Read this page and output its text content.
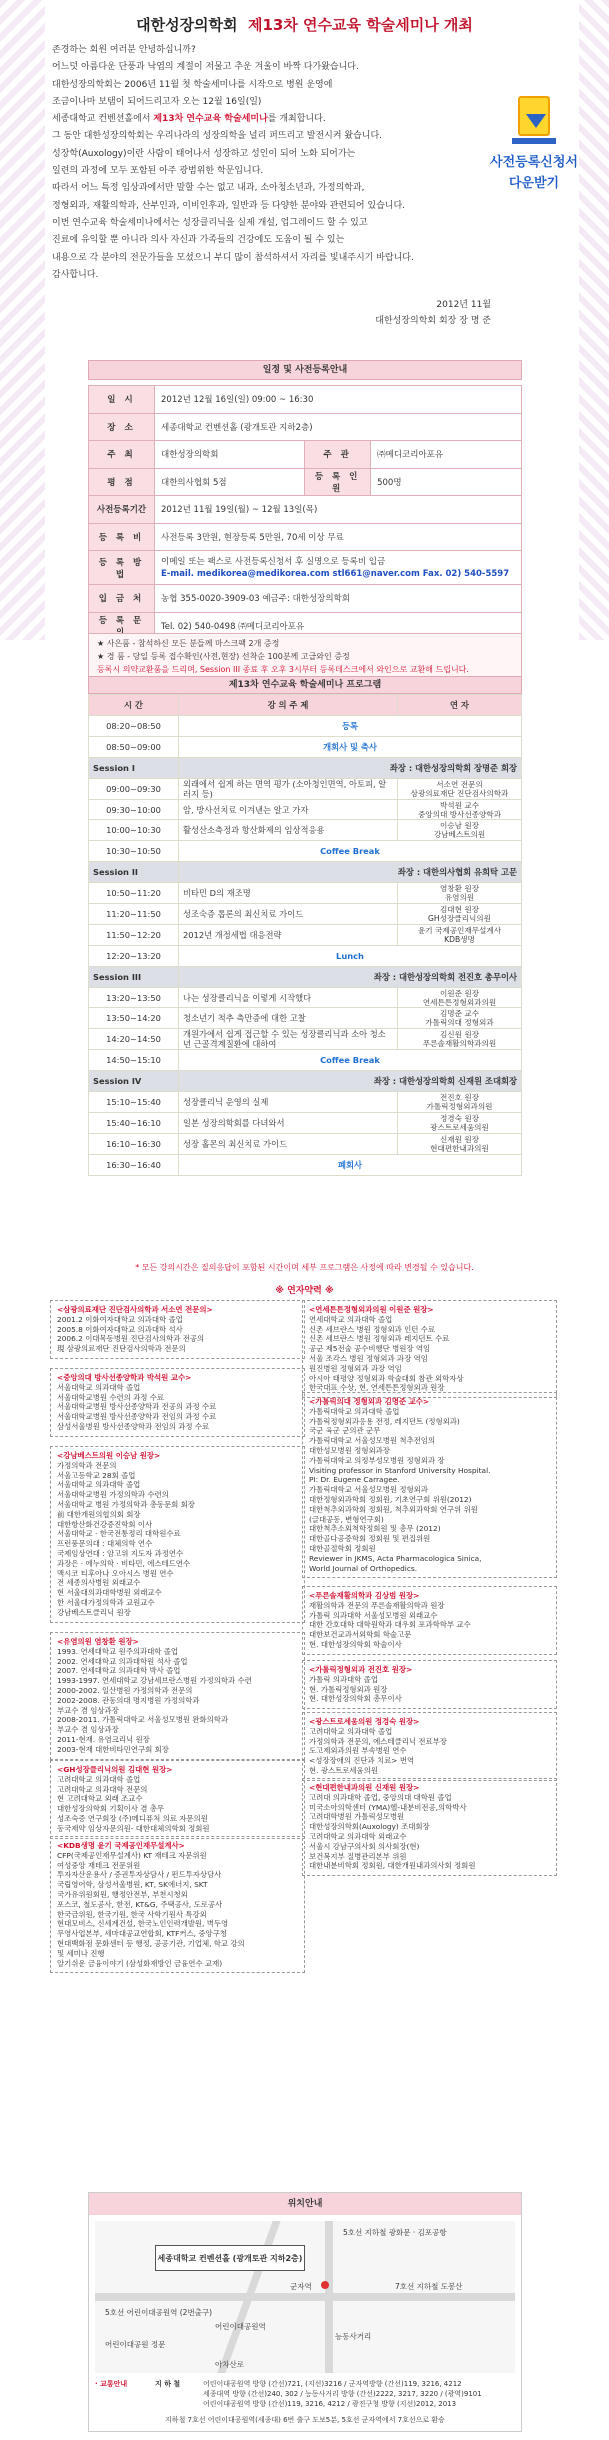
대한성장의학회 제13차 연수교육 학술세미나 개최

존경하는 회원 여러분 안녕하십니까?

어느덧 아름다운 단풍과 낙엽의 계절이 저물고 추운 겨울이 바짝 다가왔습니다.

대한성장의학회는 2006년 11월 첫 학술세미나를 시작으로 병원 운영에

조금이나마 보탬이 되어드리고자 오는 12월 16일(일)

세종대학교 컨벤션홀에서 제13차 연수교육 학술세미나를 개최합니다.

그 동안 대한성장의학회는 우리나라의 성장의학을 널리 퍼뜨리고 발전시켜 왔습니다.

성장학(Auxology)이란 사람이 태어나서 성장하고 성인이 되어 노화 되어가는

일련의 과정에 모두 포함된 아주 광범위한 학문입니다.

따라서 어느 특정 임상과에서만 말할 수는 없고 내과, 소아청소년과, 가정의학과,

정형외과, 재활의학과, 산부인과, 이비인후과, 일반과 등 다양한 분야와 관련되어 있습니다.

이번 연수교육 학술세미나에서는 성장클리닉을 실제 개설, 업그레이드 할 수 있고

진료에 유익할 뿐 아니라 의사 자신과 가족들의 건강에도 도움이 될 수 있는

내용으로 각 분야의 전문가들을 모셨으니 부디 많이 참석하셔서 자리를 빛내주시기 바랍니다.

감사합니다.

2012년 11월
대한성장의학회 회장 장 명 준
사전등록신청서
다운받기
일정 및 사전등록안내
일 시	2012년 12월 16일(일) 09:00 ~ 16:30		
장 소	세종대학교 컨벤션홀 (광개토관 지하2층)		
주 최	대한성장의학회	주 관	㈜메디코리아포유
평 점	대한의사협회 5점	등 록 인 원	500명
사전등록기간	2012년 11월 19일(월) ~ 12월 13일(목)		
등 록 비	사전등록 3만원, 현장등록 5만원, 70세 이상 무료		
등 록 방 법	이메일 또는 팩스로 사전등록신청서 후 실명으로 등록비 입금
E-mail. medikorea@medikorea.com stl661@naver.com Fax. 02) 540-5597		

입 금 처	농협 355-0020-3909-03 예금주: 대한성장의학회		
등 록 문	Tel. 02) 540-0498 ㈜메디코리아포유		
★ 사은품 - 참석하신 모든 분들께 마스크팩 2개 증정
★ 경 품 - 당일 등록 접수확인(사전,현장) 선착순 100분께 고급와인 증정
등록시 의약교환품을 드리며, Session III 종료 후 오후 3시부터 등록데스크에서 와인으로 교환해 드립니다.
제13차 연수교육 학술세미나 프로그램
시 간	강 의 주 제	연 자
08:20~08:50	등록	
08:50~09:00	개회사 및 축사	
Session I	좌장 : 대한성장의학회 장명준 회장	
09:00~09:30	외래에서 쉽게 하는 면역 평가 (소아청인면역, 아토피, 알러지 등)	서소연 전문의
삼광의료재단 진단검사의학과
09:30~10:00	암, 방사선치료 이겨낸는 알고 가자	박석원 교수
중앙의대 방사선종양학과
10:00~10:30	활성산소측정과 항산화제의 임상적응용	이승남 원장
강남베스트의원
10:30~10:50	Coffee Break	
Session II	좌장 : 대한의사협회 유희탁 고문	
10:50~11:20	비타민 D의 재조명	염창환 원장
유염의원
11:20~11:50	성조숙증 톱론의 최신치료 가이드	김대현 원장
GH성장클리닉의원
11:50~12:20	2012년 개정세법 대응전략	윤기 국제공인재무설계사
KDB생명
12:20~13:20	Lunch	
Session III	좌장 : 대한성장의학회 전진호 총무이사	
13:20~13:50	나는 성장클리닉을 이렇게 시작했다	이원준 원장
연세튼튼정형외과의원
13:50~14:20	청소년기 척추 측만증에 대한 고찰	김명준 교수
가톨릭의대 정형외과
14:20~14:50	개원가에서 쉽게 접근할 수 있는 성장클리닉과 소아 청소년 근골격계질환에 대하여	김신원 원장
푸른솔재활의학과의원
14:50~15:10	Coffee Break	
Session IV	좌장 : 대한성장의학회 신재원 조대회장	
15:10~15:40	성장클리닉 운영의 실제	전진호 원장
가톨릭정형외과의원
15:40~16:10	일본 성장의학회를 다녀와서	정경숙 원장
광스트로세움의원
16:10~16:30	성장 홀몬의 최신치료 가이드	신재원 원장
현대편한내과의원
16:30~16:40	폐회사	
* 모든 강의시간은 질의응답이 포함된 시간이며 세부 프로그램은 사정에 따라 변경될 수 있습니다.
※ 연자약력 ※
<삼광의료재단 진단검사의학과 서소연 전문의>
2001.2 이화여자대학교 의과대학 졸업
2005.8 이화여자대학교 의과대학 석사
2006.2 이대목동병원 진단검사의학과 전공의
現 삼광의료재단 진단검사의학과 전문의
<중앙의대 방사선종양학과 박석원 교수>
서울대학교 의과대학 졸업
서울대학교병원 수련의 과정 수료
서울대학교병원 방사선종양학과 전공의 과정 수료
서울대학교병원 방사선종양학과 전임의 과정 수료
삼성서울병원 방사선종양학과 전임의 과정 수료
<강남베스트의원 이승남 원장>
가정의학과 전문의
서울고등학교 28회 졸업
서울대학교 의과대학 졸업
서울대학교병원 가정의학과 수련의
서울대학교 병원 가정의학과 총동문회 회장
前 대한개원의협의회 회장
대한항산화건강증진학회 이사
서울대학교 · 한국전통정리 대학원수료
프런풍문의대 : 대체의학 연수
국제임상연대 : 암고위 지도자 과정연수
과장은 · 에누의학 · 비타민, 에스테드연수
맥시코 티후아나 오아시스 병원 연수
전 세종의사병원 외래교수
현 서울대의과대학병원 외래교수
한 서울대가정의학과 교원교수
강남베스트클리닉 원장
<유염의원 염창환 원장>
1993. 연세대학교 원주의과대학 졸업
2002. 연세대학교 의과대학원 석사 졸업
2007. 연세대학교 의과대학 박사 졸업
1993-1997. 연세대학교 강남세브란스병원 가정의학과 수련
2000-2002. 일산병원 가정의학과 전문의
2002-2008. 관동의대 명지병원 가정의학과
부교수 겸 임상과장
2008-2011. 가톨릭대학교 서울성모병원 완화의학과
부교수 겸 임상과장
2011-현재. 유염크리닉 원장
2003-현재 대한비타민연구회 회장
<GH성장클리닉의원 김대현 원장>
고려대학교 의과대학 졸업
고려대학교 의과대학 전문의
현 고려대학교 외래 조교수
대한성장의학회 기획이사 겸 총무
성조숙증 연구회장 (주)메디퓨처 의료 자문의원
동국제약 임상자문의원- 대한대체의학회 정회원
<KDB생명 윤기 국제공인재무설계사>
CFP(국제공인재무설계사) KT 재테크 자문위원
여성중앙 재테크 전문위원
투자자산운용사 / 증권투자상담사 / 펀드투자상담사
국립영어학, 삼성서울병원, KT, SK에너지, SKT
국가유위원회원, 행정안전부, 부천시청외
포스코, 철도공사, 한전, KT&G, 주택공사, 도로공사
한국금위원, 한국기원, 한국 사학기원사 특강외
현대모비스, 신세계건설, 한국노인인력개발원, 벽두영
무영사업본부, 세마대공교연합회, KTF커스, 중앙구청
현대백화점 문화센터 등 행정, 공공기관, 기업체, 학교 강의
및 세미나 진행
알기쉬운 금융이야기 (삼성화재방인 금융연수 교재)
<연세튼튼정형외과의원 이원준 원장>
연세대학교 의과대학 졸업
신촌 세브란스 병원 정형외과 인턴 수료
신촌 세브란스 병원 정형외과 레지던트 수료
공군 제5전술 공수비행단 병원장 역임
서울 조각스 병원 정형외과 과장 역임
원진병원 정형외과 과장 역임
아시아 태평양 정형외과 학술대회 참관 외학자상
한국대표 수상, 현, 연세튼튼정형외과 원장
<가톨릭의대 정형외과 김명준 교수>
가톨릭대학교 의과대학 졸업
가톨릭정형외과응용 전정, 레지던트 (정형외과)
국군 육군 군의관 군무
가톨릭대학교 서울성모병원 척추전임의
대한성모병원 정형외과장
가톨릭대학교 의정부성모병원 정형외과 장
Visiting professor in Stanford University Hospital.
PI: Dr. Eugene Carragee.
가톨릭대학교 서울성모병원 정형외과
대한정형외과학회 정회원, 기초연구회 위원(2012)
대한척추외과학회 정회원, 척추외과학회 연구위 위원
(글대공동, 변형연구회)
대한척추소외척학정회원 및 총무 (2012)
대한골다공증학회 정회원 및 편집위원
대한골절학회 정회원
Reviewer in JKMS, Acta Pharmacologica Sinica,
World Journal of Orthopedics.
<푸른솔재활의학과 김상범 원장>
재활의학과 전문의 푸른솔재활의학과 원장
가톨릭 의과대학 서울성모병원 외래교수
대한 간호대학 대학원학과 대우회 포과학학부 교수
대한보건교과서외학회 학술고문
현. 대한성장의학회 학술이사
<가톨릭정형외과 전진호 원장>
가톨릭 의과대학 졸업
현. 가톨릭정형외과 원장
현. 대한성장의학회 총무이사
<광스트로세움의원 정경숙 원장>
고려대학교 의과대학 졸업
가정의학과 전문의, 에스테클리닉 전료부장
도고제외과의원 부속병원 연수
<성장장애의 진단과 치료> 번역
현. 광스트로세움의원
<현대편한내과의원 신재원 원장>
고려대 의과대학 졸업, 중앙의대 대학원 졸업
미국소아의학센터 (YMA)헬-내분비전공,의학박사
고려대학병원 가톨릭성모병원
대한성장의학회(Auxology) 조대회장
고려대학교 의과대학 외래교수
서울시 강남구의사회 의사회장(현)
보건복지부 질병관리본부 위원
대한내분비학회 정회원, 대한개원내과의사회 정회원
위치안내
세종대학교 컨벤션홀 (광개토관 지하2층)
5호선 지하철 광화문 · 김포공항
5호선 어린이대공원역 (2번출구)
어린이대공원 정문
군자역	7호선 지하철 도봉산
능동사거리
어린이대공원역
아차산로
· 교통안내	지 하 철	어린이대공원역 방향 (간선)721, (지선)3216 / 군자역방향 (간선)119, 3216, 4212
세종대역 방향 (간선)240, 302 / 능동사거리 방향 (간선)2222, 3217, 3220 / (광역)9101
어린이대공원역 방향 (간선)119, 3216, 4212 / 광진구청 방향 (지선)2012, 2013
지하철 7호선 어린이대공원역(세종대) 6번 출구 도보5분, 5호선 군자역에서 7호선으로 환승
